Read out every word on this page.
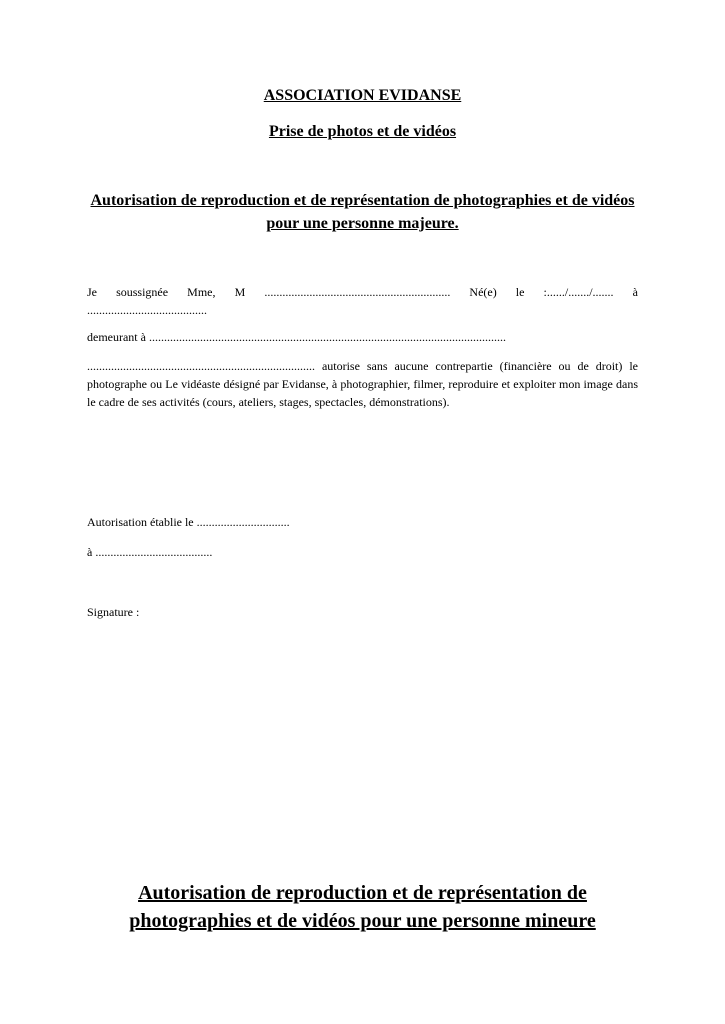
ASSOCIATION EVIDANSE
Prise de photos et de vidéos
Autorisation de reproduction et de représentation de photographies et de vidéos pour une personne majeure.
Je soussignée Mme, M .............................................................. Né(e) le :....../......./....... à
........................................
demeurant à .......................................................................................................................
............................................................................ autorise sans aucune contrepartie (financière ou de droit) le photographe ou Le vidéaste désigné par Evidanse, à photographier, filmer, reproduire et exploiter mon image dans le cadre de ses activités (cours, ateliers, stages, spectacles, démonstrations).
Autorisation établie le ...............................
à .......................................
Signature :
Autorisation de reproduction et de représentation de photographies et de vidéos pour une personne mineure
